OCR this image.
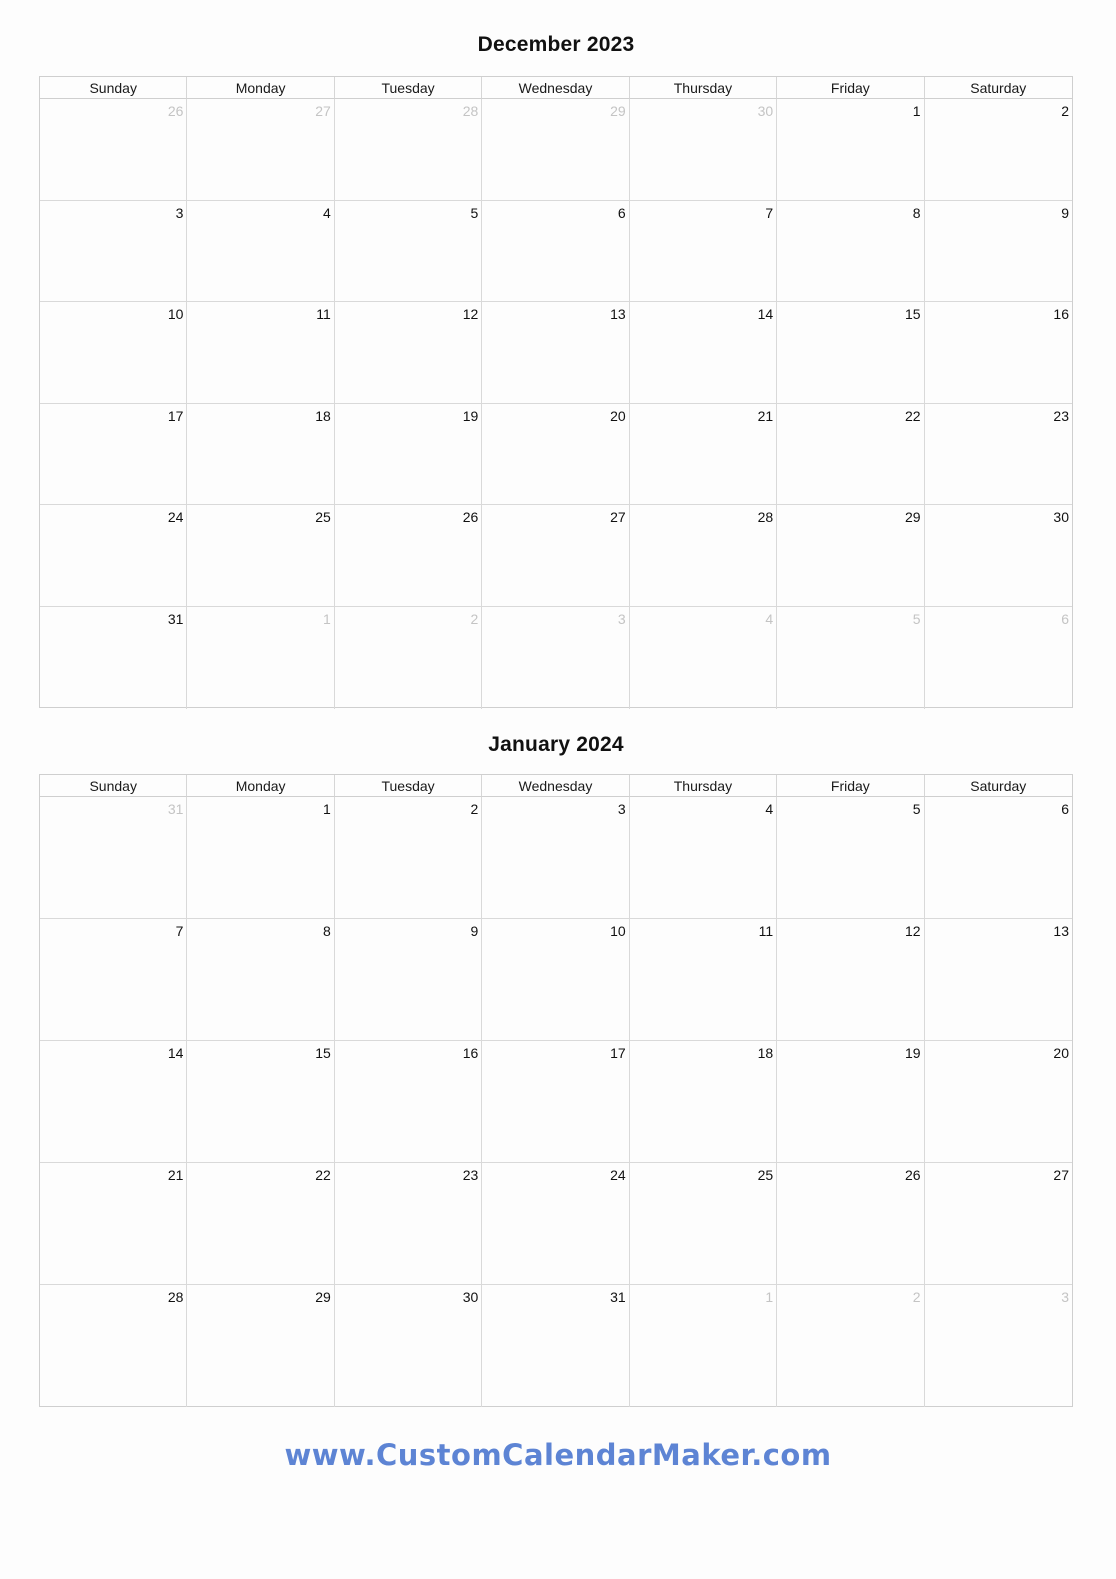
December 2023
Sunday	Monday	Tuesday	Wednesday	Thursday	Friday	Saturday
26	27	28	29	30	1	2
3	4	5	6	7	8	9
10	11	12	13	14	15	16
17	18	19	20	21	22	23
24	25	26	27	28	29	30
31	1	2	3	4	5	6
January 2024
Sunday	Monday	Tuesday	Wednesday	Thursday	Friday	Saturday
31	1	2	3	4	5	6
7	8	9	10	11	12	13
14	15	16	17	18	19	20
21	22	23	24	25	26	27
28	29	30	31	1	2	3
www.CustomCalendarMaker.com
